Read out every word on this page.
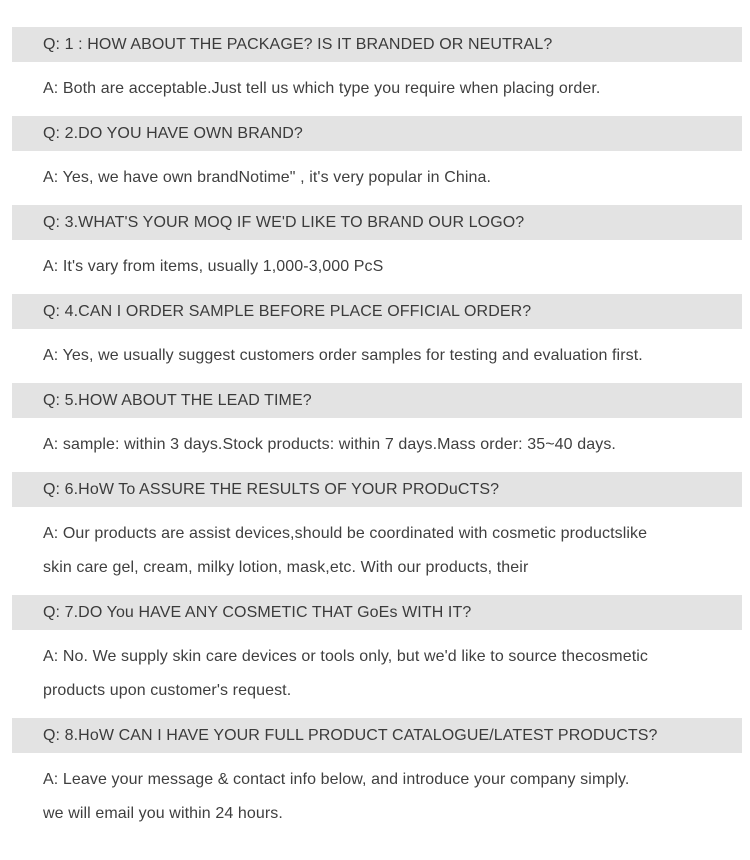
Q: 1 : HOW ABOUT THE PACKAGE? IS IT BRANDED OR NEUTRAL?
A: Both are acceptable.Just tell us which type you require when placing order.
Q: 2.DO YOU HAVE OWN BRAND?
A: Yes, we have own brandNotime" , it's very popular in China.
Q: 3.WHAT'S YOUR MOQ IF WE'D LIKE TO BRAND OUR LOGO?
A: It's vary from items, usually 1,000-3,000 PcS
Q: 4.CAN I ORDER SAMPLE BEFORE PLACE OFFICIAL ORDER?
A: Yes, we usually suggest customers order samples for testing and evaluation first.
Q: 5.HOW ABOUT THE LEAD TIME?
A: sample: within 3 days.Stock products: within 7 days.Mass order: 35~40 days.
Q: 6.HoW To ASSURE THE RESULTS OF YOUR PRODuCTS?
A: Our products are assist devices,should be coordinated with cosmetic productslike
skin care gel, cream, milky lotion, mask,etc. With our products, their
Q: 7.DO You HAVE ANY COSMETIC THAT GoEs WITH IT?
A: No. We supply skin care devices or tools only, but we'd like to source thecosmetic
products upon customer's request.
Q: 8.HoW CAN I HAVE YOUR FULL PRODUCT CATALOGUE/LATEST PRODUCTS?
A: Leave your message & contact info below, and introduce your company simply.
we will email you within 24 hours.
